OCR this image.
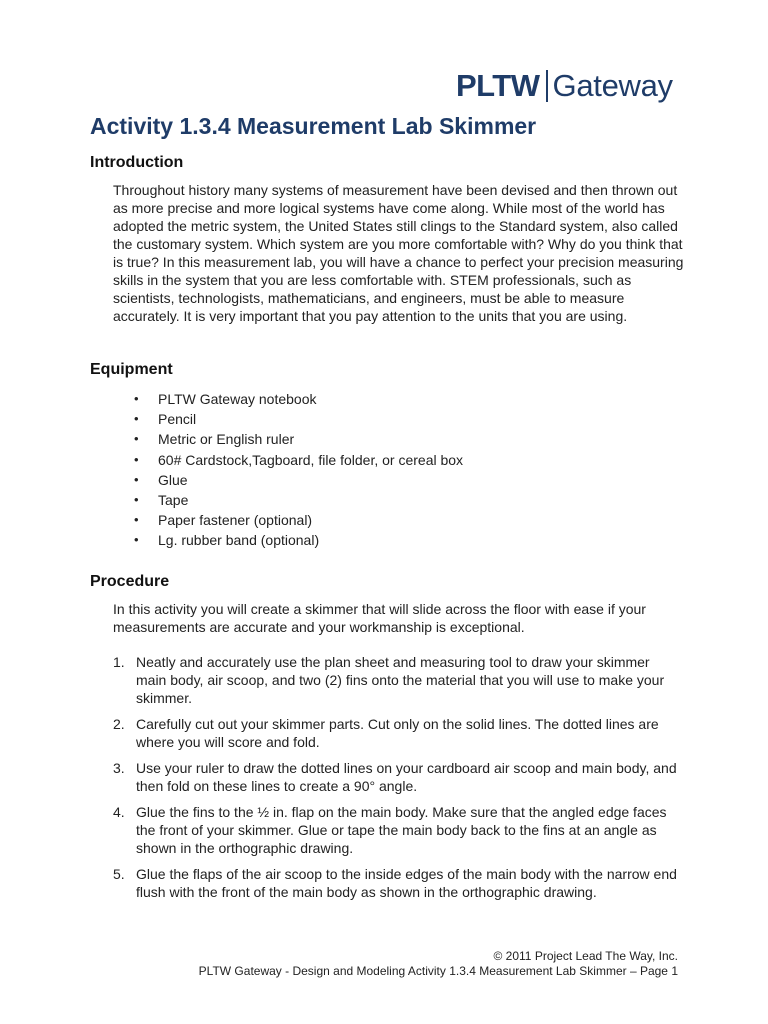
PLTW Gateway
Activity 1.3.4 Measurement Lab Skimmer
Introduction

Throughout history many systems of measurement have been devised and then thrown out as more precise and more logical systems have come along. While most of the world has adopted the metric system, the United States still clings to the Standard system, also called the customary system. Which system are you more comfortable with? Why do you think that is true? In this measurement lab, you will have a chance to perfect your precision measuring skills in the system that you are less comfortable with. STEM professionals, such as scientists, technologists, mathematicians, and engineers, must be able to measure accurately. It is very important that you pay attention to the units that you are using.

Equipment
• PLTW Gateway notebook
• Pencil
• Metric or English ruler
• 60# Cardstock,Tagboard, file folder, or cereal box
• Glue
• Tape
• Paper fastener (optional)
• Lg. rubber band (optional)
Procedure

In this activity you will create a skimmer that will slide across the floor with ease if your measurements are accurate and your workmanship is exceptional.

1. Neatly and accurately use the plan sheet and measuring tool to draw your skimmer main body, air scoop, and two (2) fins onto the material that you will use to make your skimmer.
2. Carefully cut out your skimmer parts. Cut only on the solid lines. The dotted lines are where you will score and fold.
3. Use your ruler to draw the dotted lines on your cardboard air scoop and main body, and then fold on these lines to create a 90° angle.
4. Glue the fins to the ½ in. flap on the main body. Make sure that the angled edge faces the front of your skimmer. Glue or tape the main body back to the fins at an angle as shown in the orthographic drawing.
5. Glue the flaps of the air scoop to the inside edges of the main body with the narrow end flush with the front of the main body as shown in the orthographic drawing.
© 2011 Project Lead The Way, Inc.
PLTW Gateway - Design and Modeling Activity 1.3.4 Measurement Lab Skimmer – Page 1
